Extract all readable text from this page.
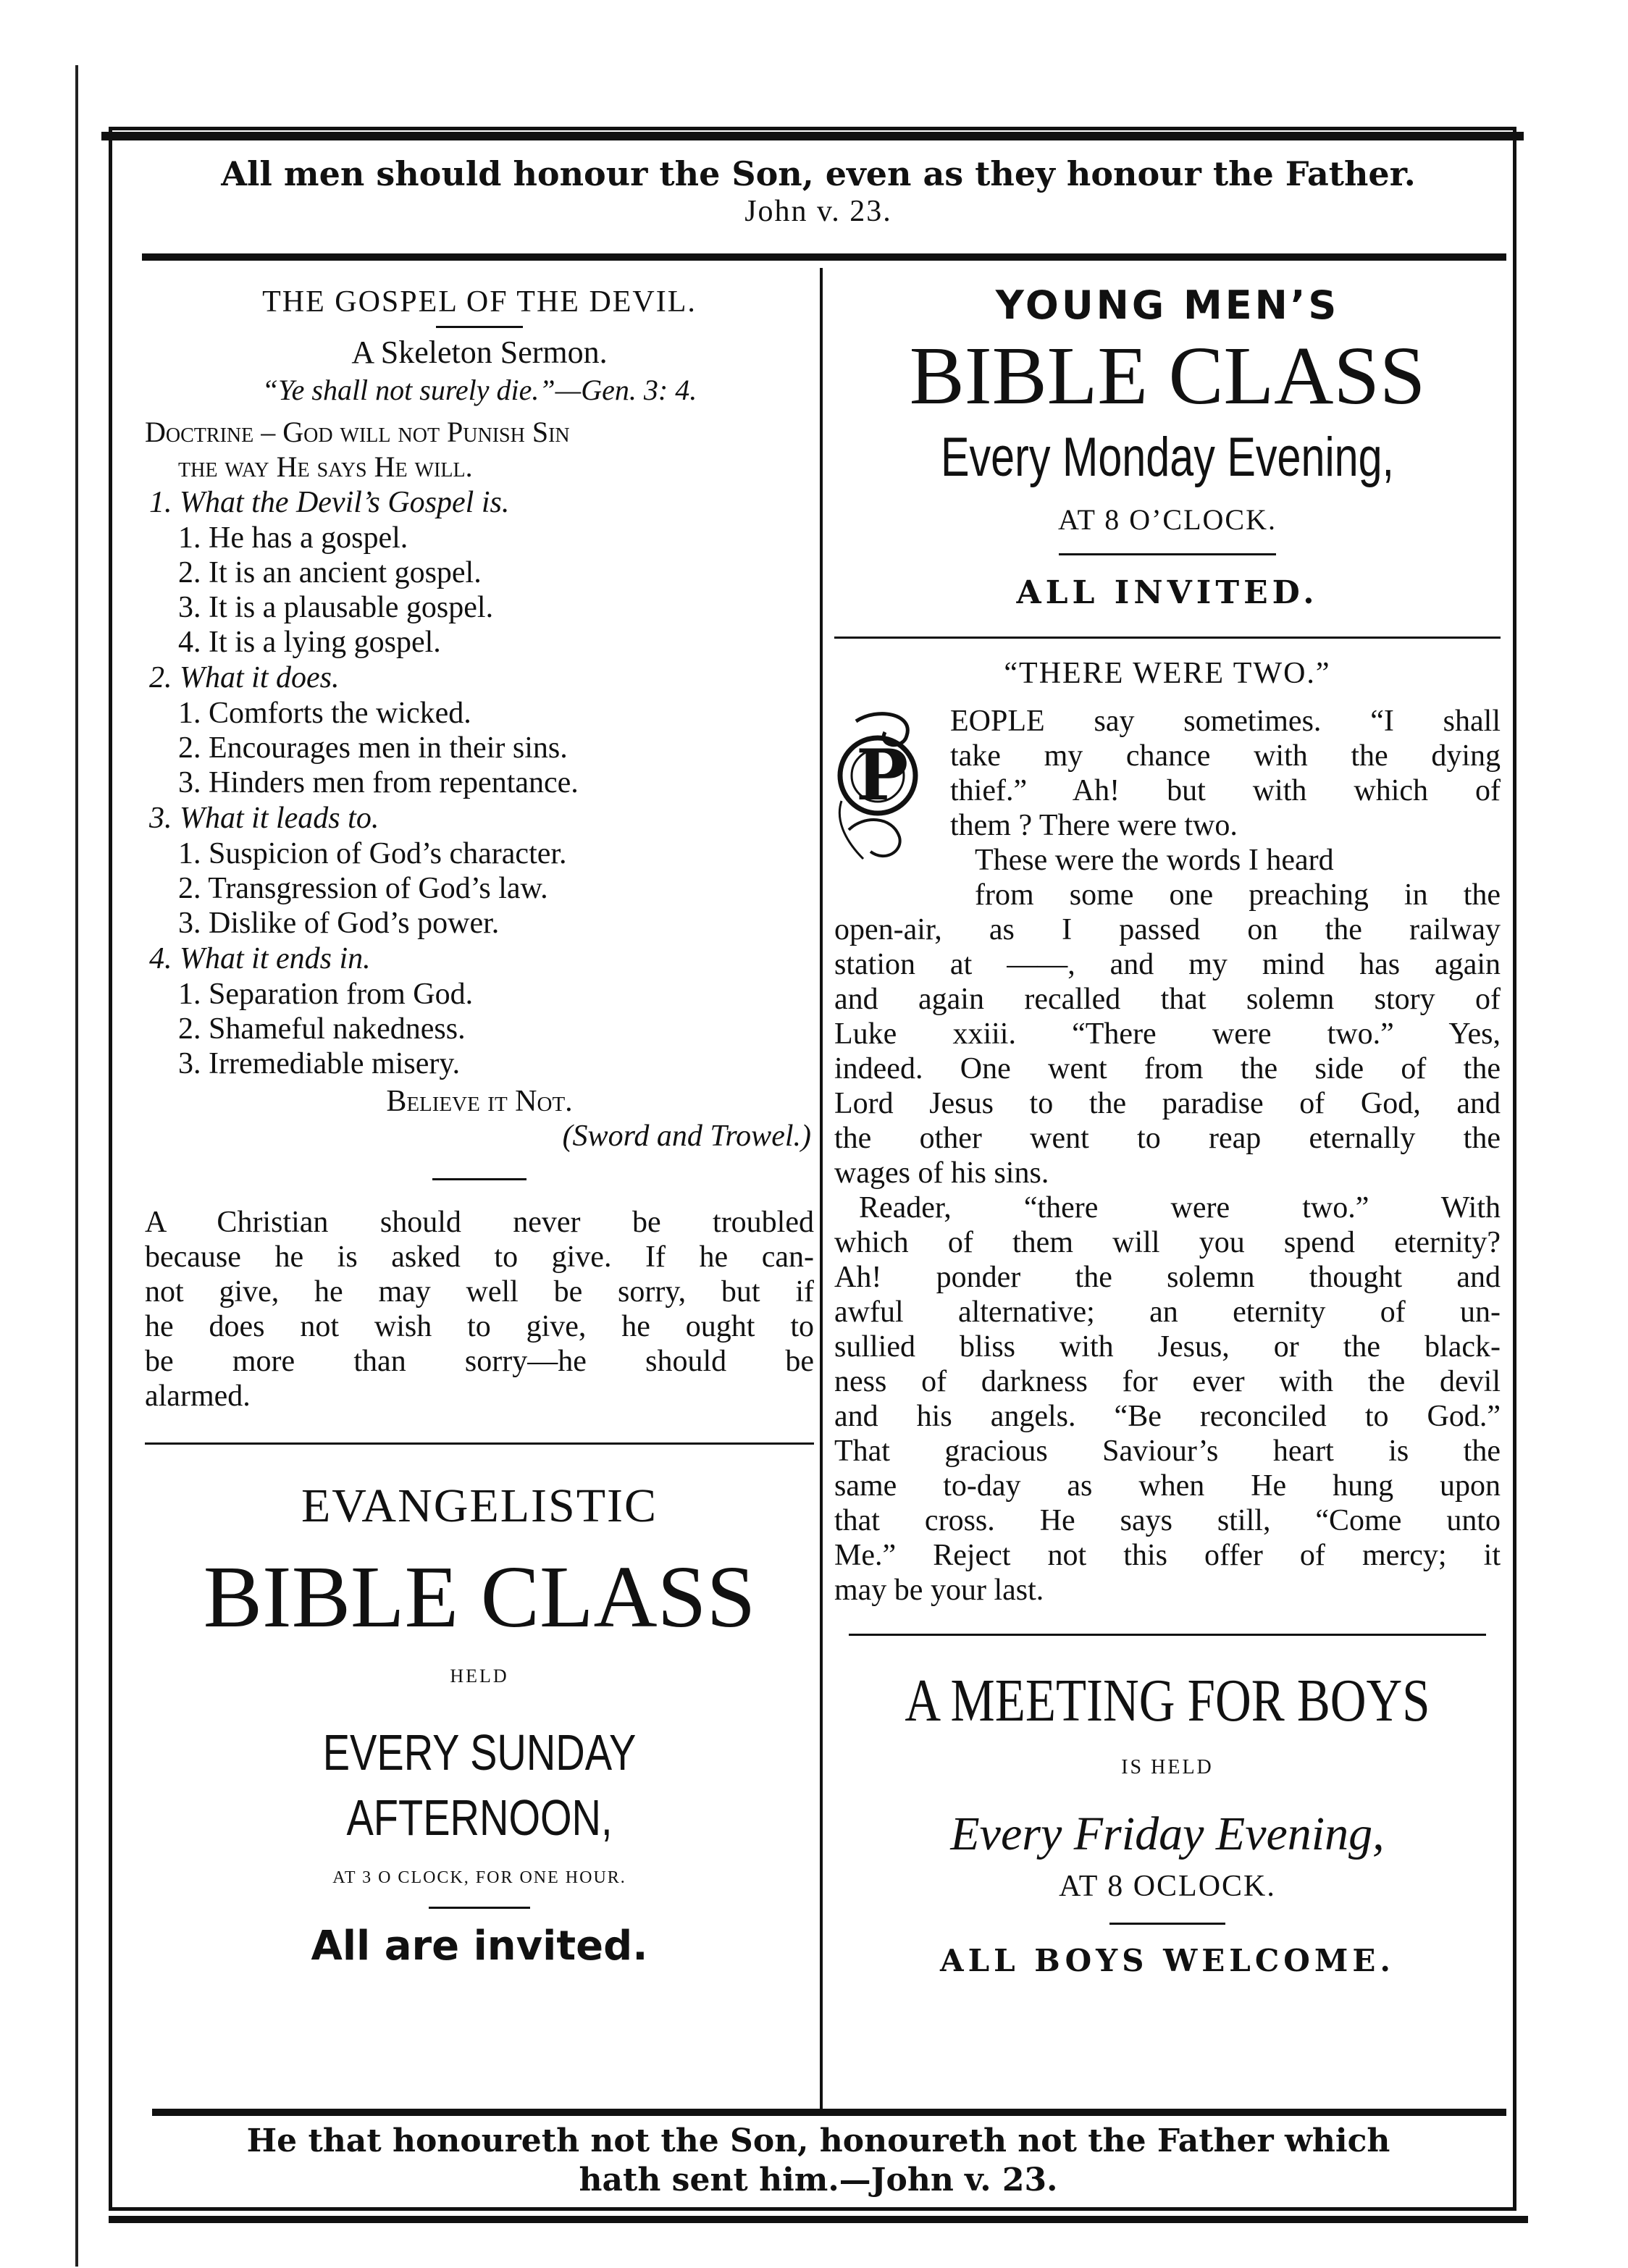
All men should honour the Son, even as they honour the Father.
John v. 23.
THE GOSPEL OF THE DEVIL.
A Skeleton Sermon.
“Ye shall not surely die.”—Gen. 3: 4.
Doctrine – God will not Punish Sin
the way He says He will.
1. What the Devil’s Gospel is.
1. He has a gospel.
2. It is an ancient gospel.
3. It is a plausable gospel.
4. It is a lying gospel.
2. What it does.
1. Comforts the wicked.
2. Encourages men in their sins.
3. Hinders men from repentance.
3. What it leads to.
1. Suspicion of God’s character.
2. Transgression of God’s law.
3. Dislike of God’s power.
4. What it ends in.
1. Separation from God.
2. Shameful nakedness.
3. Irremediable misery.
Believe it Not.
(Sword and Trowel.)
A Christian should never be troubled
because he is asked to give. If he can-
not give, he may well be sorry, but if
he does not wish to give, he ought to
be more than sorry—he should be
alarmed.
EVANGELISTIC
BIBLE CLASS
HELD
EVERY SUNDAY AFTERNOON,
AT 3 O CLOCK, FOR ONE HOUR.
All are invited.
YOUNG MEN’S
BIBLE CLASS
Every Monday Evening,
AT 8 O’CLOCK.
ALL INVITED.
“THERE WERE TWO.”
P
EOPLE say sometimes. “I shall
take my chance with the dying
thief.” Ah! but with which of
them ? There were two.
These were the words I heard
from some one preaching in the
open-air, as I passed on the railway
station at ——, and my mind has again
and again recalled that solemn story of
Luke xxiii. “There were two.” Yes,
indeed. One went from the side of the
Lord Jesus to the paradise of God, and
the other went to reap eternally the
wages of his sins.
Reader, “there were two.” With
which of them will you spend eternity?
Ah! ponder the solemn thought and
awful alternative; an eternity of un-
sullied bliss with Jesus, or the black-
ness of darkness for ever with the devil
and his angels. “Be reconciled to God.”
That gracious Saviour’s heart is the
same to-day as when He hung upon
that cross. He says still, “Come unto
Me.” Reject not this offer of mercy; it
may be your last.
A MEETING FOR BOYS
IS HELD
Every Friday Evening,
AT 8 OCLOCK.
ALL BOYS WELCOME.
He that honoureth not the Son, honoureth not the Father which
hath sent him.—John v. 23.
